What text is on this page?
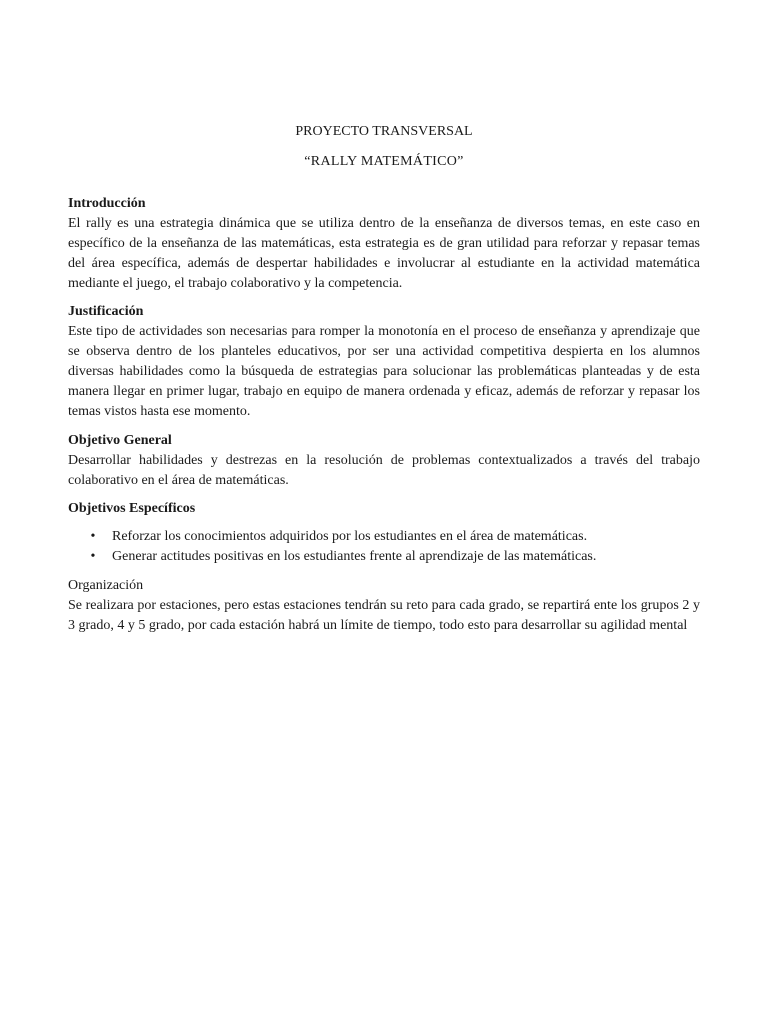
PROYECTO TRANSVERSAL
“RALLY MATEMÁTICO”
Introducción

El rally es una estrategia dinámica que se utiliza dentro de la enseñanza de diversos temas, en este caso en específico de la enseñanza de las matemáticas, esta estrategia es de gran utilidad para reforzar y repasar temas del área específica, además de despertar habilidades e involucrar al estudiante en la actividad matemática mediante el juego, el trabajo colaborativo y la competencia.

Justificación

Este tipo de actividades son necesarias para romper la monotonía en el proceso de enseñanza y aprendizaje que se observa dentro de los planteles educativos, por ser una actividad competitiva despierta en los alumnos diversas habilidades como la búsqueda de estrategias para solucionar las problemáticas planteadas y de esta manera llegar en primer lugar, trabajo en equipo de manera ordenada y eficaz, además de reforzar y repasar los temas vistos hasta ese momento.

Objetivo General

Desarrollar habilidades y destrezas en la resolución de problemas contextualizados a través del trabajo colaborativo en el área de matemáticas.

Objetivos Específicos
• Reforzar los conocimientos adquiridos por los estudiantes en el área de matemáticas.
• Generar actitudes positivas en los estudiantes frente al aprendizaje de las matemáticas.
Organización

Se realizara por estaciones, pero estas estaciones tendrán su reto para cada grado, se repartirá ente los grupos 2 y 3 grado, 4 y 5 grado, por cada estación habrá un límite de tiempo, todo esto para desarrollar su agilidad mental
